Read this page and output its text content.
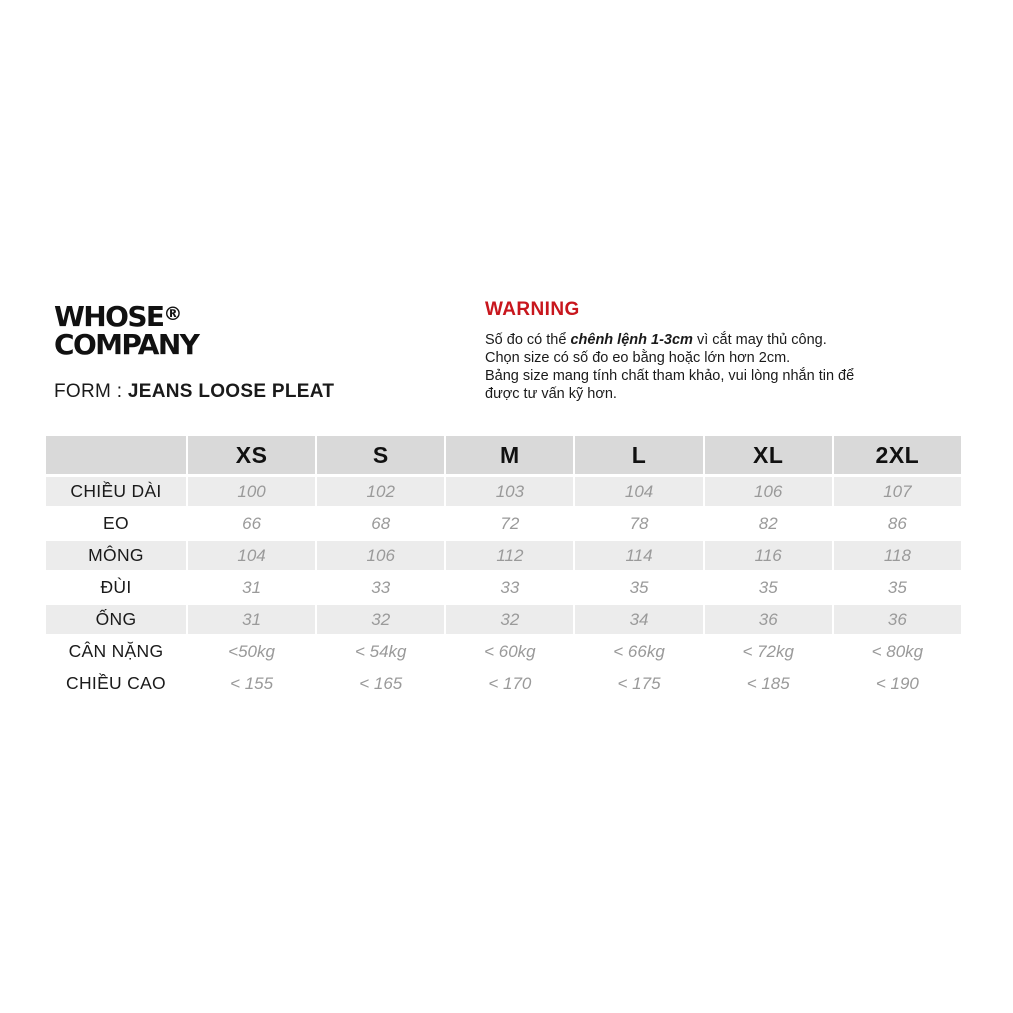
WHOSE®
COMPANY
FORM : JEANS LOOSE PLEAT
WARNING
Số đo có thể chênh lệnh 1-3cm vì cắt may thủ công.
Chọn size có số đo eo bằng hoặc lớn hơn 2cm.
Bảng size mang tính chất tham khảo, vui lòng nhắn tin để
được tư vấn kỹ hơn.
	XS	S	M	L	XL	2XL
CHIỀU DÀI	100	102	103	104	106	107
EO	66	68	72	78	82	86
MÔNG	104	106	112	114	116	118
ĐÙI	31	33	33	35	35	35
ỐNG	31	32	32	34	36	36
CÂN NẶNG	<50kg	< 54kg	< 60kg	< 66kg	< 72kg	< 80kg
CHIỀU CAO	< 155	< 165	< 170	< 175	< 185	< 190
